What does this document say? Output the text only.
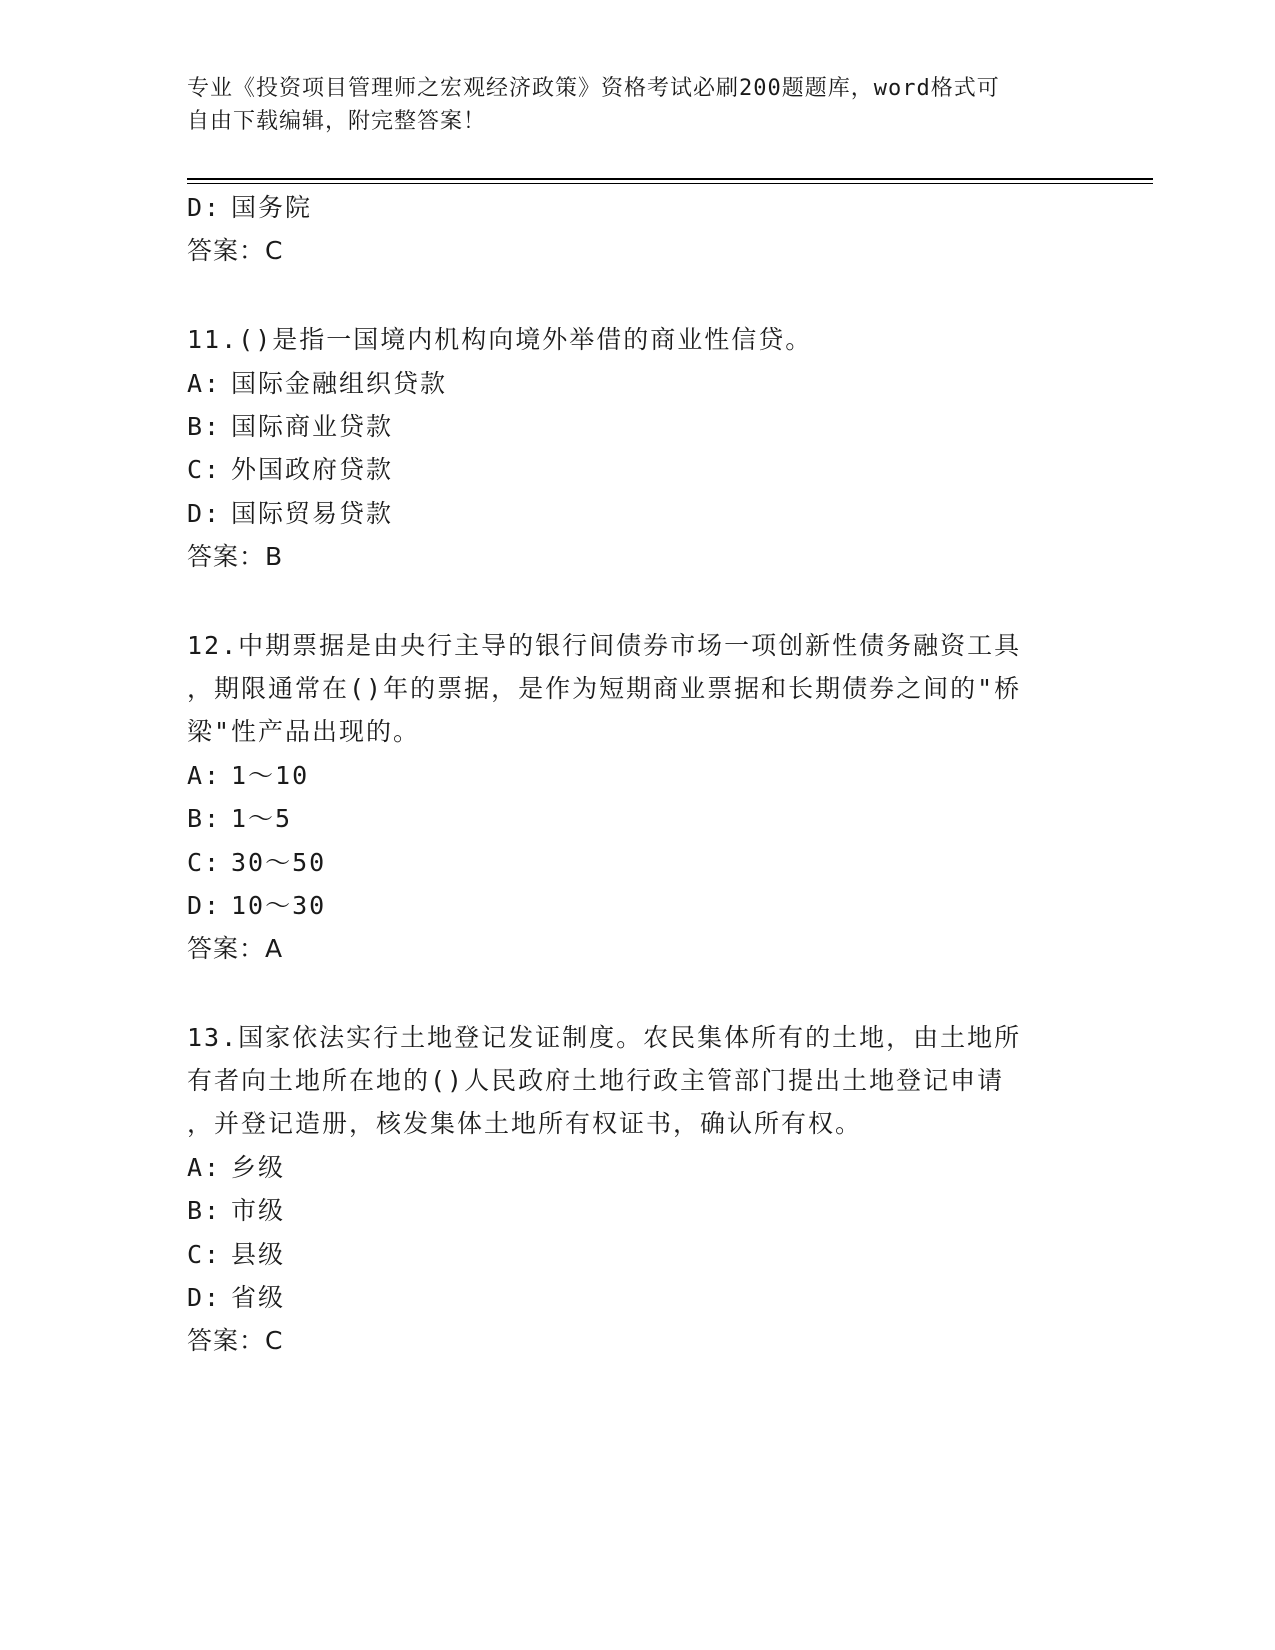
专业《投资项目管理师之宏观经济政策》资格考试必刷200题题库，word格式可
自由下载编辑，附完整答案！
D: 国务院
答案：C
11.()是指一国境内机构向境外举借的商业性信贷。
A: 国际金融组织贷款
B: 国际商业贷款
C: 外国政府贷款
D: 国际贸易贷款
答案：B
12.中期票据是由央行主导的银行间债券市场一项创新性债务融资工具
，期限通常在()年的票据，是作为短期商业票据和长期债券之间的"桥
梁"性产品出现的。
A: 1～10
B: 1～5
C: 30～50
D: 10～30
答案：A
13.国家依法实行土地登记发证制度。农民集体所有的土地，由土地所
有者向土地所在地的()人民政府土地行政主管部门提出土地登记申请
，并登记造册，核发集体土地所有权证书，确认所有权。
A: 乡级
B: 市级
C: 县级
D: 省级
答案：C
